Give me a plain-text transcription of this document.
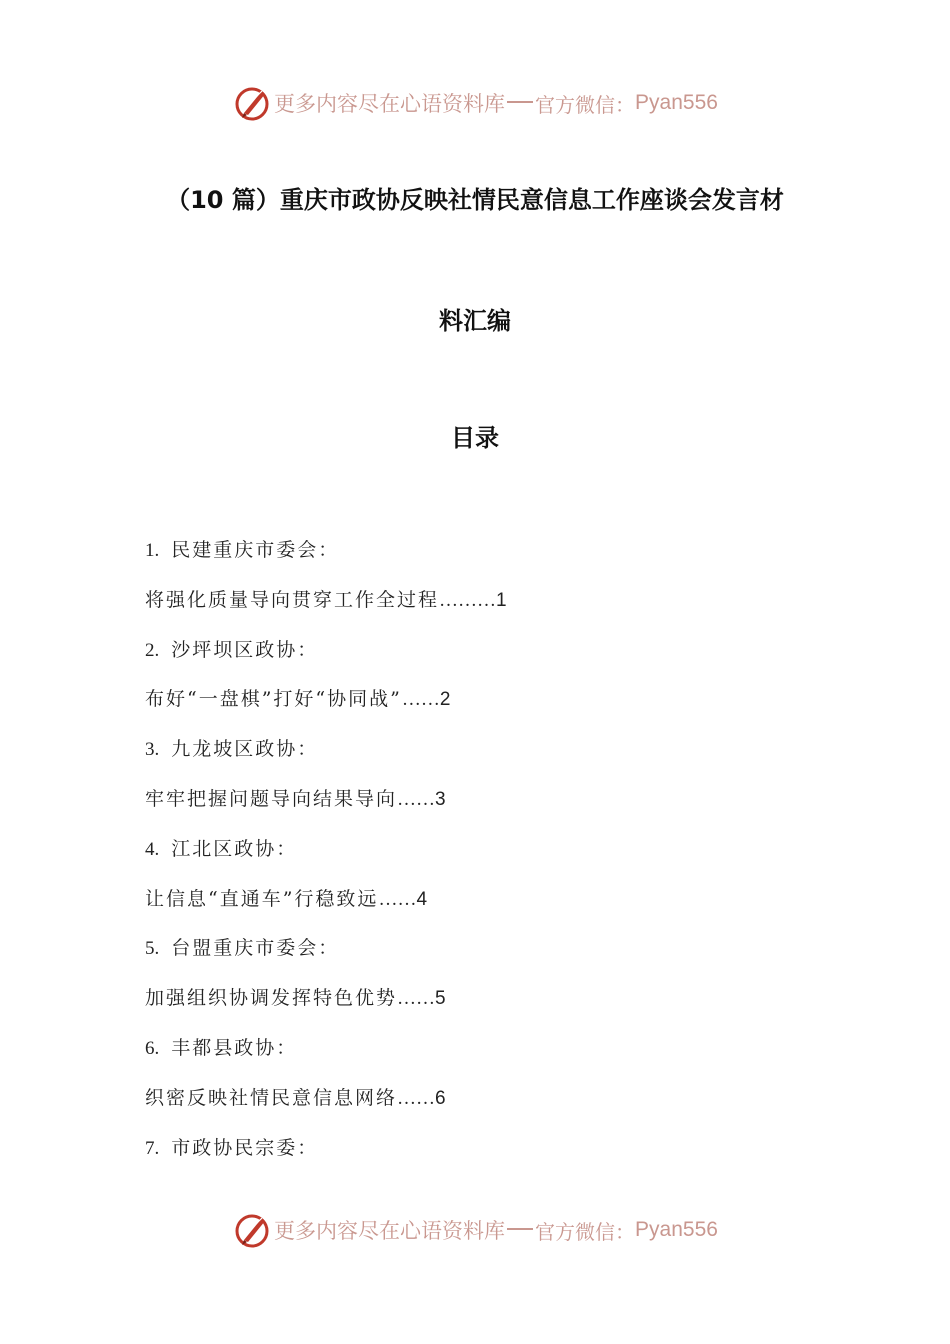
更多内容尽在心语资料库 官方微信： Pyan556
（10 篇）重庆市政协反映社情民意信息工作座谈会发言材
料汇编
目录
1. 民建重庆市委会：
将强化质量导向贯穿工作全过程………1
2. 沙坪坝区政协：
布好“一盘棋”打好“协同战”……2
3. 九龙坡区政协：
牢牢把握问题导向结果导向……3
4. 江北区政协：
让信息“直通车”行稳致远……4
5. 台盟重庆市委会：
加强组织协调发挥特色优势……5
6. 丰都县政协：
织密反映社情民意信息网络……6
7. 市政协民宗委：
更多内容尽在心语资料库 官方微信： Pyan556
